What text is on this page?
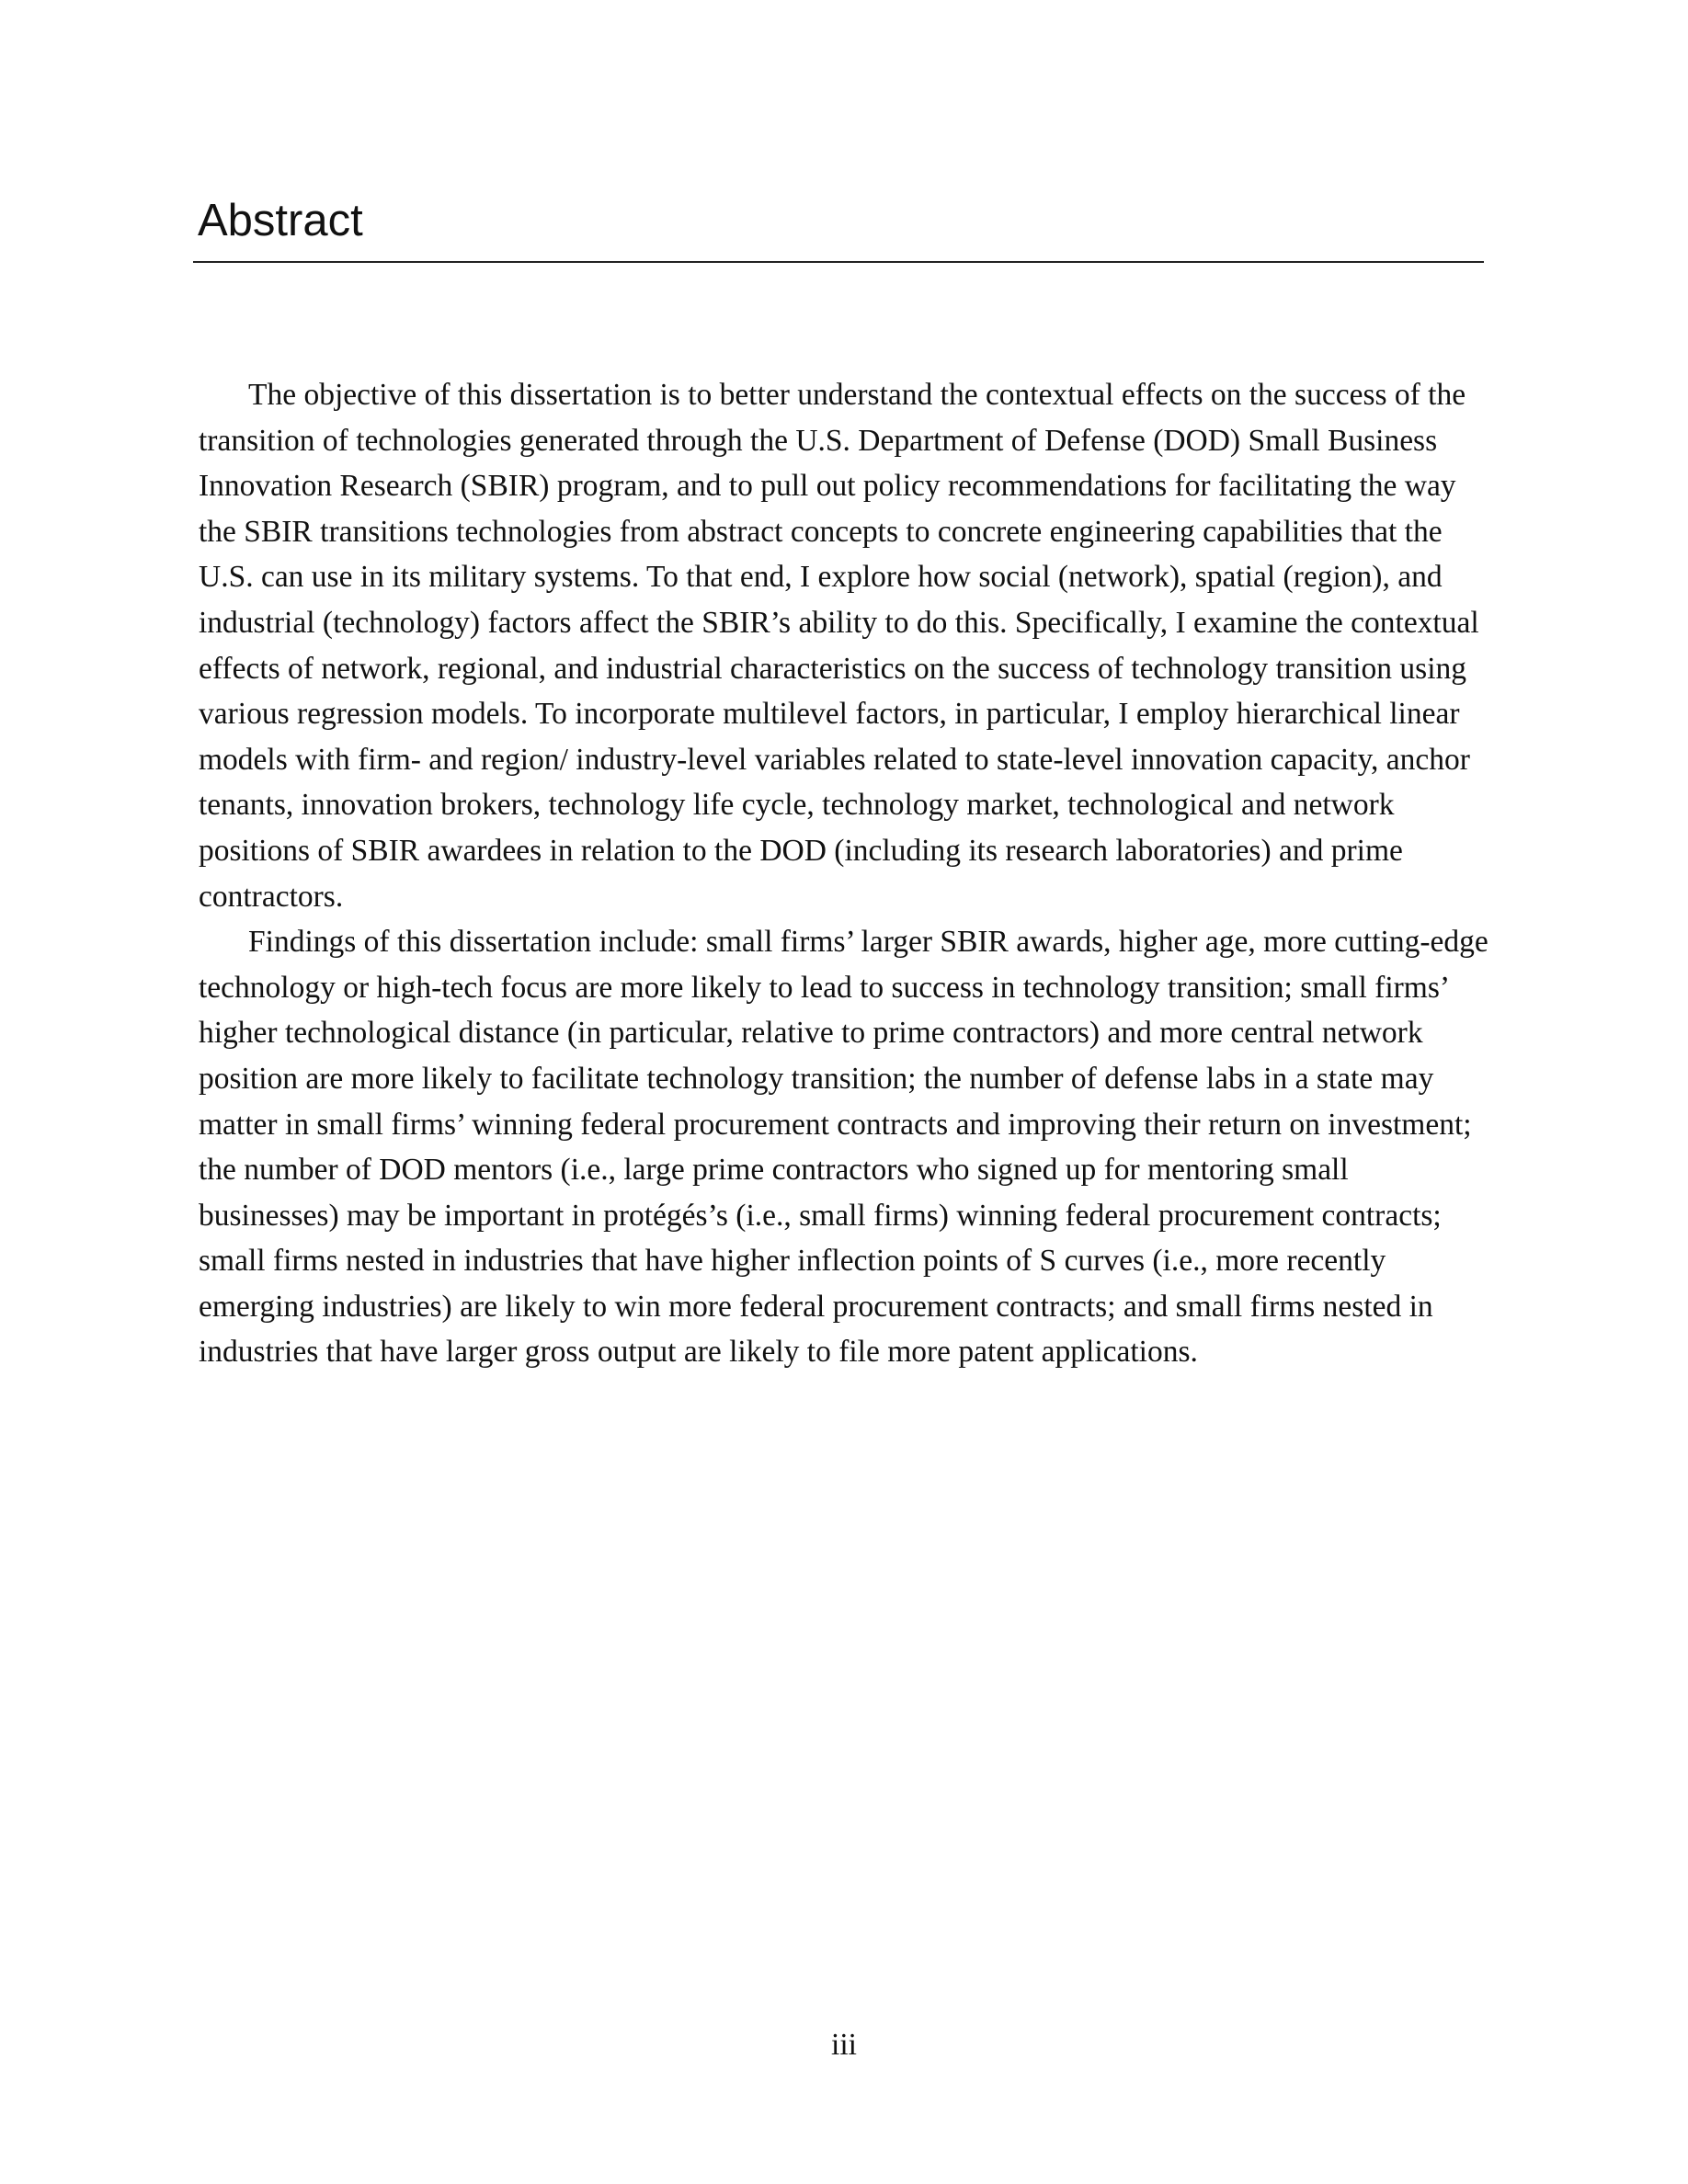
Abstract

The objective of this dissertation is to better understand the contextual effects on the success of the transition of technologies generated through the U.S. Department of Defense (DOD) Small Business Innovation Research (SBIR) program, and to pull out policy recommendations for facilitating the way the SBIR transitions technologies from abstract concepts to concrete engineering capabilities that the U.S. can use in its military systems. To that end, I explore how social (network), spatial (region), and industrial (technology) factors affect the SBIR’s ability to do this. Specifically, I examine the contextual effects of network, regional, and industrial characteristics on the success of technology transition using various regression models. To incorporate multilevel factors, in particular, I employ hierarchical linear models with firm- and region/ industry-level variables related to state-level innovation capacity, anchor tenants, innovation brokers, technology life cycle, technology market, technological and network positions of SBIR awardees in relation to the DOD (including its research laboratories) and prime contractors.

Findings of this dissertation include: small firms’ larger SBIR awards, higher age, more cutting-edge technology or high-tech focus are more likely to lead to success in technology transition; small firms’ higher technological distance (in particular, relative to prime contractors) and more central network position are more likely to facilitate technology transition; the number of defense labs in a state may matter in small firms’ winning federal procurement contracts and improving their return on investment; the number of DOD mentors (i.e., large prime contractors who signed up for mentoring small businesses) may be important in protégés’s (i.e., small firms) winning federal procurement contracts; small firms nested in industries that have higher inflection points of S curves (i.e., more recently emerging industries) are likely to win more federal procurement contracts; and small firms nested in industries that have larger gross output are likely to file more patent applications.

iii
